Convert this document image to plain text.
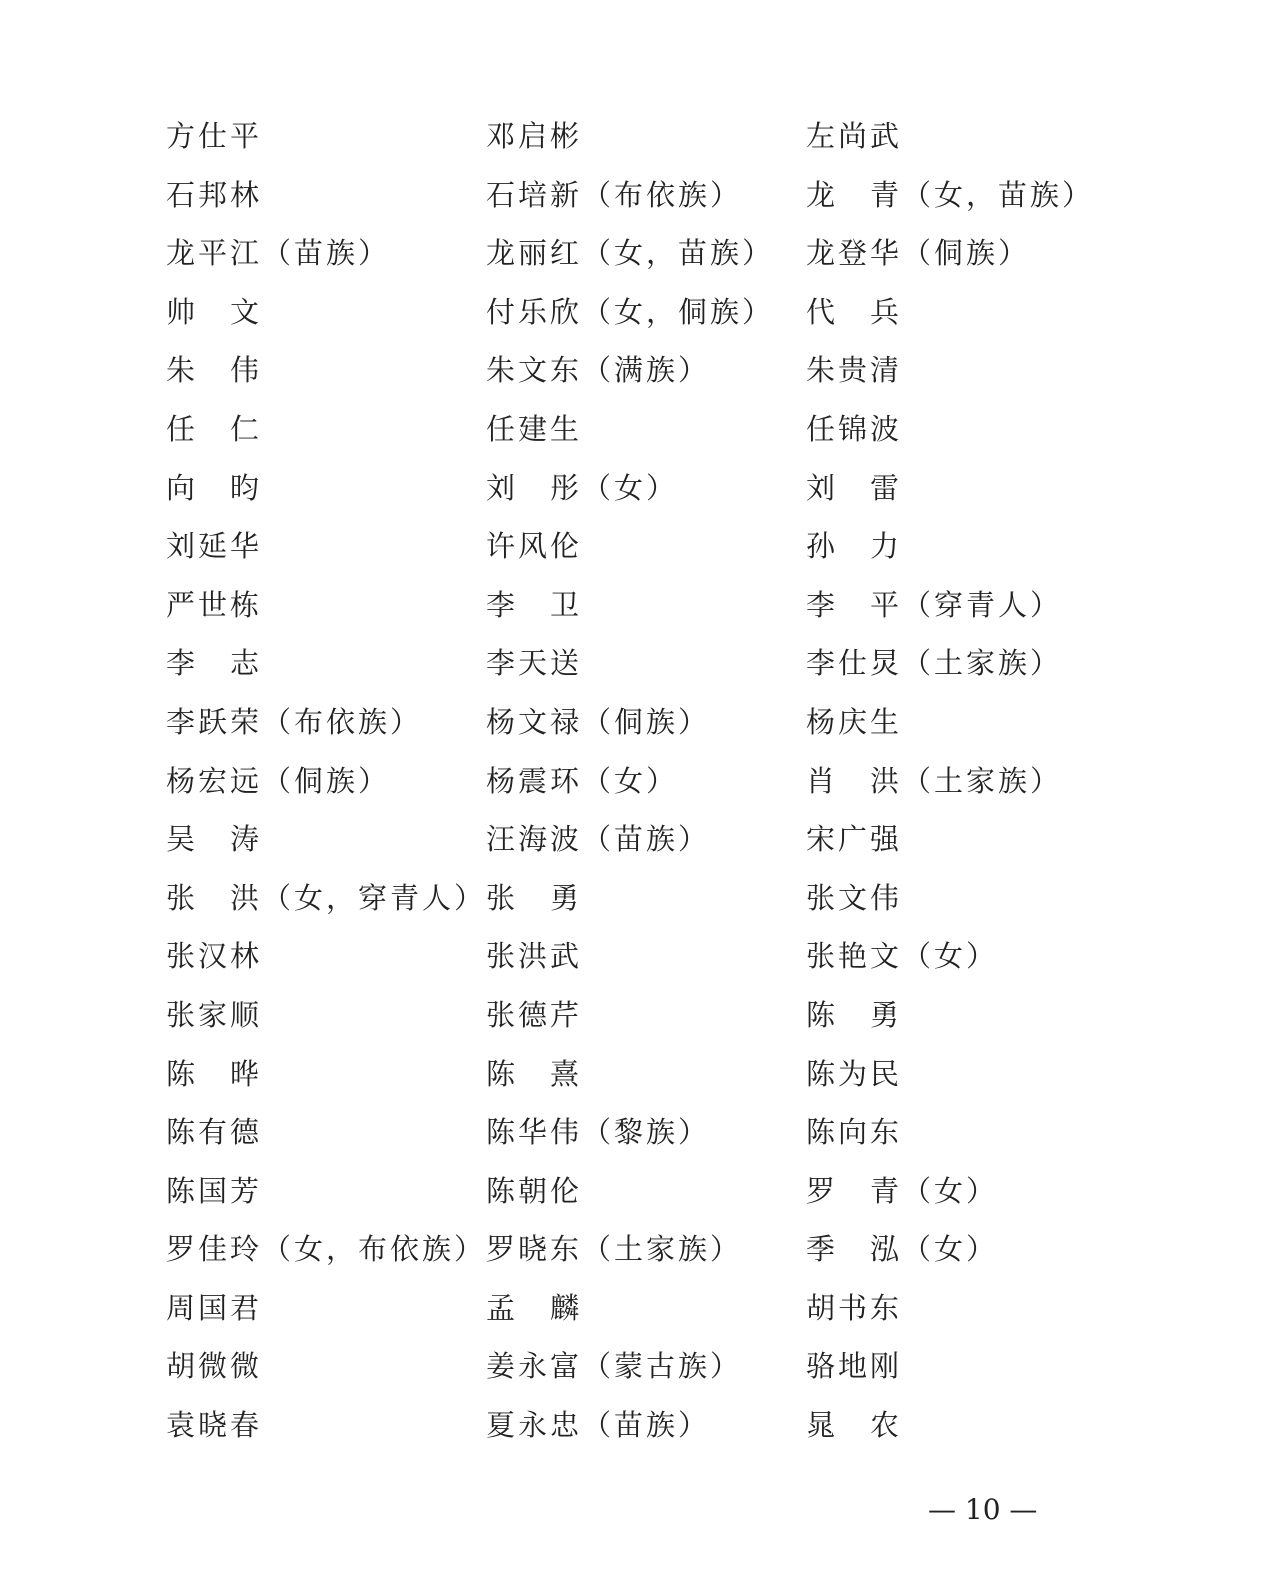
方仕平	邓启彬	左尚武
石邦林	石培新（布依族）	龙　青（女，苗族）
龙平江（苗族）	龙丽红（女，苗族）	龙登华（侗族）
帅　文	付乐欣（女，侗族）	代　兵
朱　伟	朱文东（满族）	朱贵清
任　仁	任建生	任锦波
向　昀	刘　彤（女）	刘　雷
刘延华	许风伦	孙　力
严世栋	李　卫	李　平（穿青人）
李　志	李天送	李仕炅（土家族）
李跃荣（布依族）	杨文禄（侗族）	杨庆生
杨宏远（侗族）	杨震环（女）	肖　洪（土家族）
吴　涛	汪海波（苗族）	宋广强
张　洪（女，穿青人） 张　勇	张文伟
张汉林	张洪武	张艳文（女）
张家顺	张德芹	陈　勇
陈　晔	陈　熹	陈为民
陈有德	陈华伟（黎族）	陈向东
陈国芳	陈朝伦	罗　青（女）
罗佳玲（女，布依族） 罗晓东（土家族）	季　泓（女）
周国君	孟　麟	胡书东
胡微微	姜永富（蒙古族）	骆地刚
袁晓春	夏永忠（苗族）	晁　农
— 10 —
